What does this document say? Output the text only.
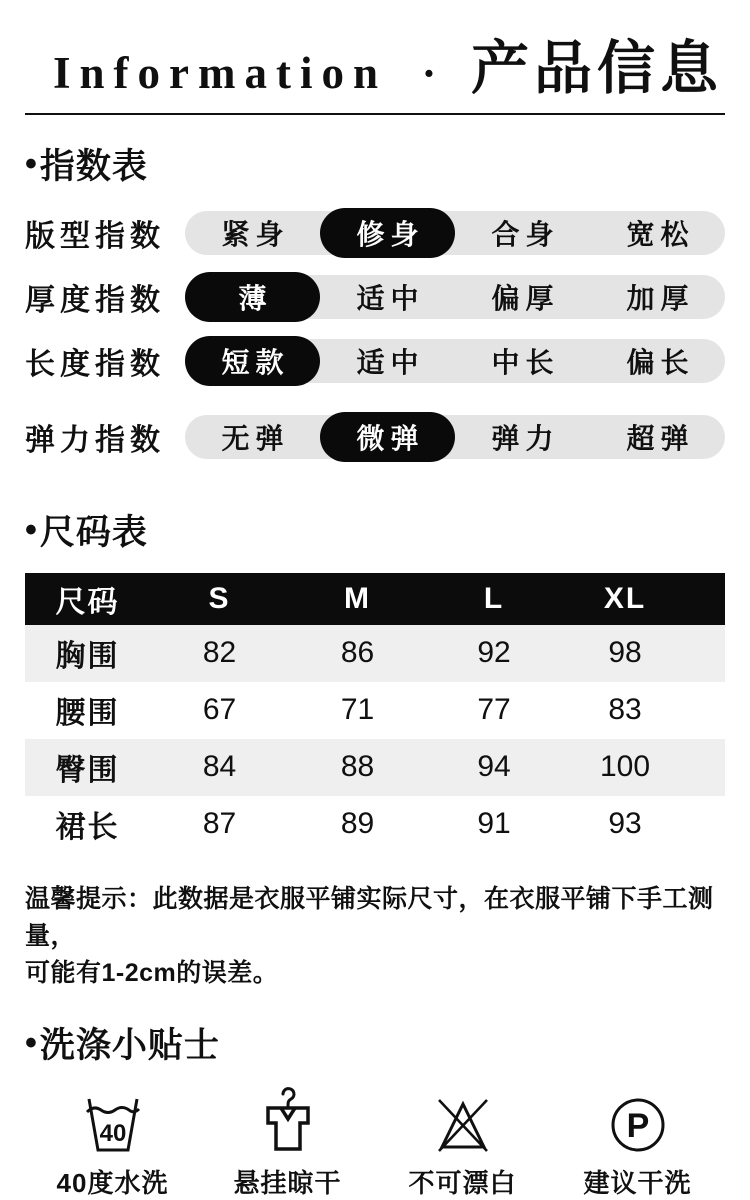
Information · 产品信息
• 指数表
版型指数	紧身 修身 合身 宽松
厚度指数	薄	适中 偏厚 加厚
长度指数	短款 适中 中长 偏长
弹力指数	无弹 微弹 弹力 超弹
• 尺码表
尺码	S	M	L	XL
胸围	82	86	92	98
腰围	67	71	77	83
臀围	84	88	94	100
裙长	87	89	91	93
温馨提示：此数据是衣服平铺实际尺寸，在衣服平铺下手工测量，
可能有1-2cm的误差。
• 洗涤小贴士
40
40度水洗	悬挂晾干	不可漂白
P
建议干洗
